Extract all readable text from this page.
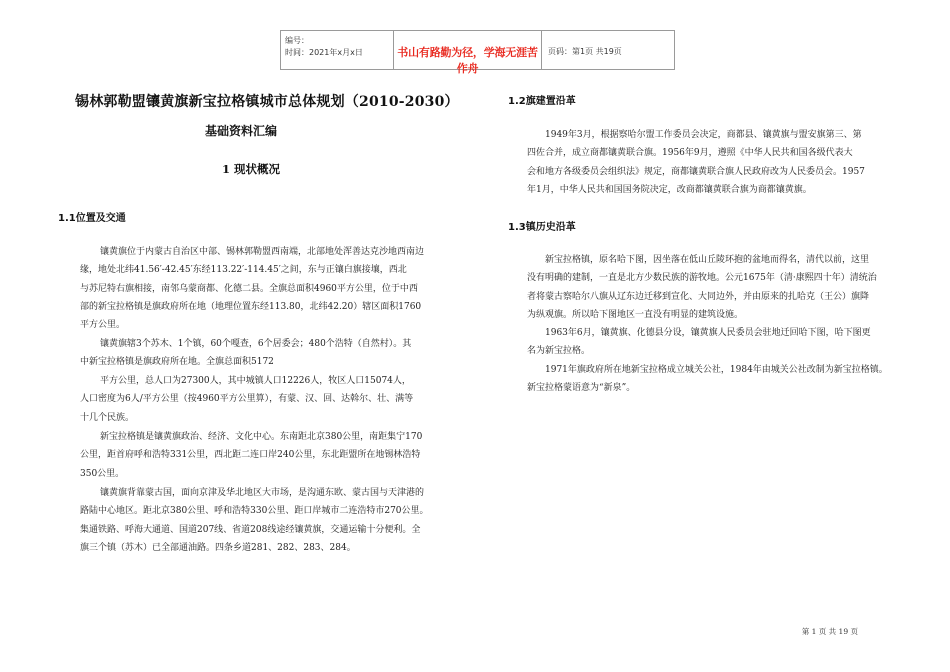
编号：
时间：2021年x月x日	书山有路勤为径，学海无涯苦作舟
页码：第1页 共19页
锡林郭勒盟镶黄旗新宝拉格镇城市总体规划（2010-2030）
基础资料汇编
1 现状概况
1.1位置及交通
镶黄旗位于内蒙古自治区中部、锡林郭勒盟西南端，北部地处浑善达克沙地西南边
缘，地处北纬41.56′-42.45′东经113.22′-114.45′之间，东与正镶白旗接壤，西北
与苏尼特右旗相接，南邻乌蒙商都、化德二县。全旗总面积4960平方公里，位于中西
部的新宝拉格镇是旗政府所在地（地理位置东经113.80，北纬42.20）辖区面积1760
平方公里。
镶黄旗辖3个苏木、1个镇，60个嘎查，6个居委会；480个浩特（自然村）。其
中新宝拉格镇是旗政府所在地。全旗总面积5172
平方公里，总人口为27300人，其中城镇人口12226人，牧区人口15074人，
人口密度为6人/平方公里（按4960平方公里算），有蒙、汉、回、达斡尔、壮、满等
十几个民族。
新宝拉格镇是镶黄旗政治、经济、文化中心。东南距北京380公里，南距集宁170
公里，距首府呼和浩特331公里，西北距二连口岸240公里，东北距盟所在地锡林浩特
350公里。
镶黄旗背靠蒙古国，面向京津及华北地区大市场，是沟通东欧、蒙古国与天津港的
路陆中心地区。距北京380公里、呼和浩特330公里、距口岸城市二连浩特市270公里。
集通铁路、呼海大通道、国道207线、省道208线途经镶黄旗，交通运输十分便利。全
旗三个镇（苏木）已全部通油路。四条乡道281、282、283、284。
1.2旗建置沿革
1949年3月，根据察哈尔盟工作委员会决定，商都县、镶黄旗与盟安旗第三、第
四佐合并，成立商都镶黄联合旗。1956年9月，遵照《中华人民共和国各级代表大
会和地方各级委员会组织法》规定，商都镶黄联合旗人民政府改为人民委员会。1957
年1月，中华人民共和国国务院决定，改商都镶黄联合旗为商都镶黄旗。
1.3镇历史沿革
新宝拉格镇，原名哈下图，因坐落在低山丘陵环抱的盆地而得名，清代以前，这里
没有明确的建制，一直是北方少数民族的游牧地。公元1675年（清·康熙四十年）清统治
者将蒙古察哈尔八旗从辽东边迁移到宣化、大同边外，并由原来的扎哈克（王公）旗降
为纵观旗。所以哈下图地区一直没有明显的建筑设施。
1963年6月，镶黄旗、化德县分设，镶黄旗人民委员会驻地迁回哈下图，哈下图更
名为新宝拉格。
1971年旗政府所在地新宝拉格成立城关公社，1984年由城关公社改制为新宝拉格镇。
新宝拉格蒙语意为“新泉”。
第 1 页 共 19 页
